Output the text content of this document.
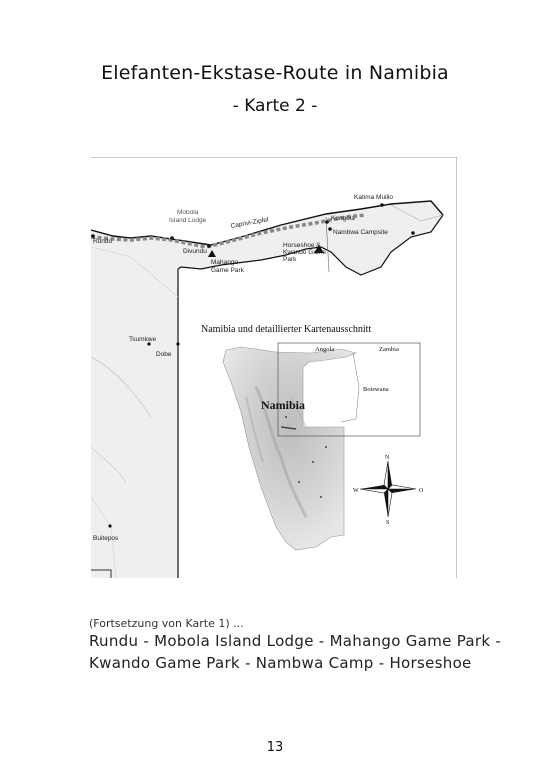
Elefanten-Ekstase-Route in Namibia
- Karte 2 -
Katima Mulilo
Rundu
Mobola
Island Lodge	Caprivi-Zipfel	Kongola
Nambwa Campsite
Divundu
Horseshoe &
Kwando Game
Park
Mahango
Game Park
Tsumkwe
Dobe
Buitepos
Namibia und detaillierter Kartenausschnitt
Angola	Zambia
Botswana
Namibia
N
S
W	O
(Fortsetzung von Karte 1) ...
Rundu - Mobola Island Lodge - Mahango Game Park -
Kwando Game Park - Nambwa Camp - Horseshoe
13
